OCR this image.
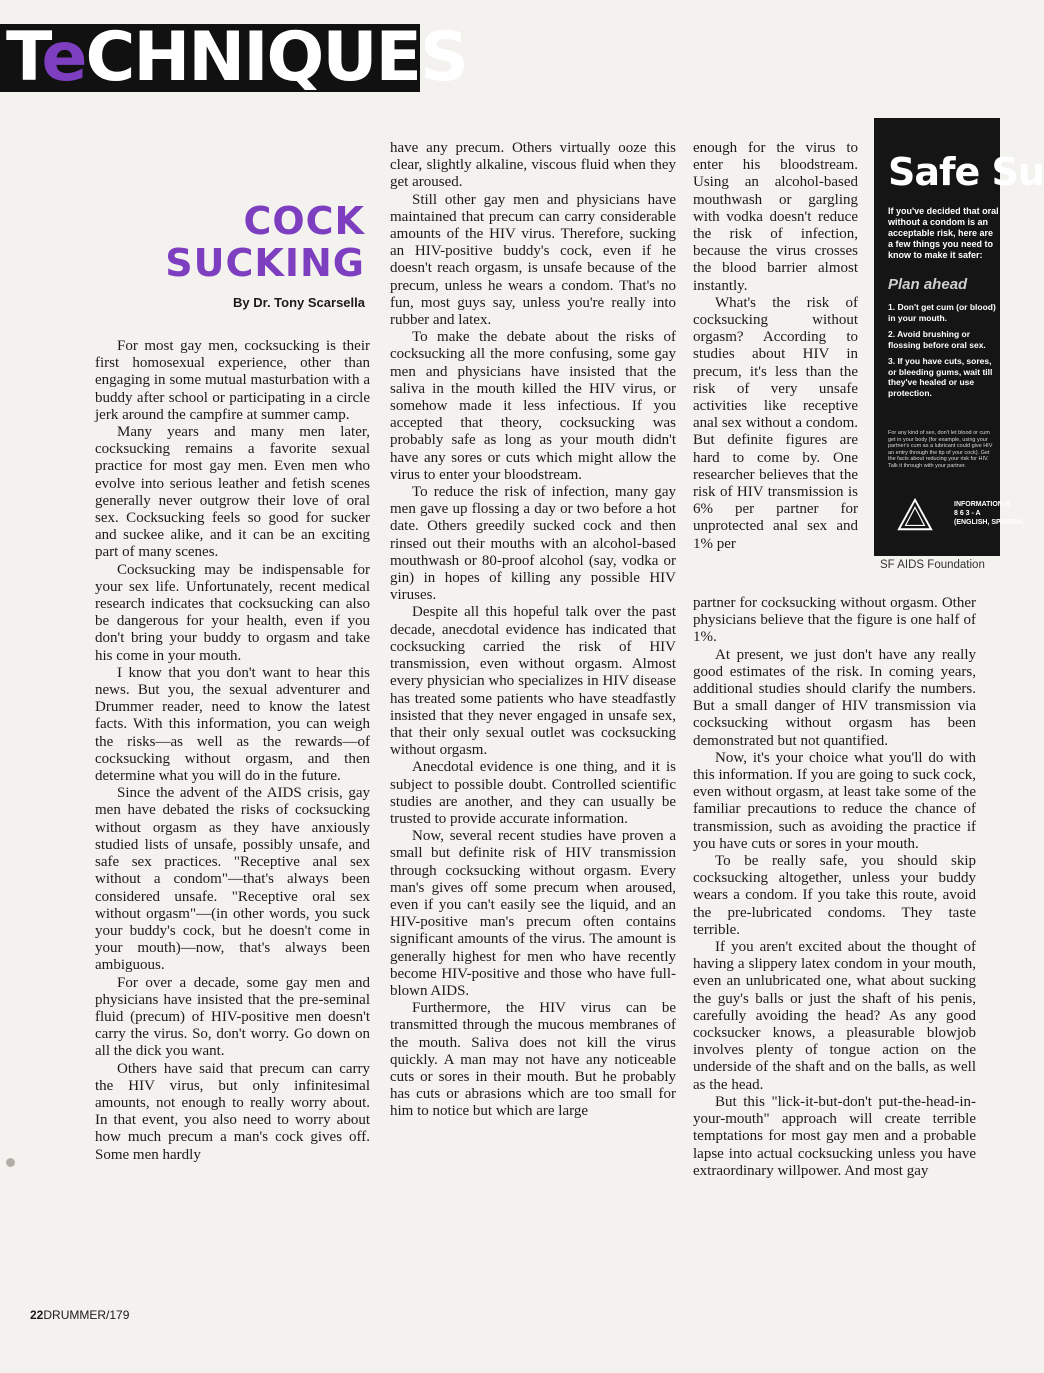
TeCHNIQUES
COCK
SUCKING
By Dr. Tony Scarsella

For most gay men, cocksucking is their first homosexual experience, other than engaging in some mutual masturbation with a buddy after school or participating in a circle jerk around the campfire at summer camp.

Many years and many men later, cocksucking remains a favorite sexual practice for most gay men. Even men who evolve into serious leather and fetish scenes generally never outgrow their love of oral sex. Cocksucking feels so good for sucker and suckee alike, and it can be an exciting part of many scenes.

Cocksucking may be indispensable for your sex life. Unfortunately, recent medical research indicates that cocksucking can also be dangerous for your health, even if you don't bring your buddy to orgasm and take his come in your mouth.

I know that you don't want to hear this news. But you, the sexual adventurer and Drummer reader, need to know the latest facts. With this information, you can weigh the risks—as well as the rewards—of cocksucking without orgasm, and then determine what you will do in the future.

Since the advent of the AIDS crisis, gay men have debated the risks of cocksucking without orgasm as they have anxiously studied lists of unsafe, possibly unsafe, and safe sex practices. "Receptive anal sex without a condom"—that's always been considered unsafe. "Receptive oral sex without orgasm"—(in other words, you suck your buddy's cock, but he doesn't come in your mouth)—now, that's always been ambiguous.

For over a decade, some gay men and physicians have insisted that the pre-seminal fluid (precum) of HIV-positive men doesn't carry the virus. So, don't worry. Go down on all the dick you want.

Others have said that precum can carry the HIV virus, but only infinitesimal amounts, not enough to really worry about. In that event, you also need to worry about how much precum a man's cock gives off. Some men hardly

have any precum. Others virtually ooze this clear, slightly alkaline, viscous fluid when they get aroused.

Still other gay men and physicians have maintained that precum can carry considerable amounts of the HIV virus. Therefore, sucking an HIV-positive buddy's cock, even if he doesn't reach orgasm, is unsafe because of the precum, unless he wears a condom. That's no fun, most guys say, unless you're really into rubber and latex.

To make the debate about the risks of cocksucking all the more confusing, some gay men and physicians have insisted that the saliva in the mouth killed the HIV virus, or somehow made it less infectious. If you accepted that theory, cocksucking was probably safe as long as your mouth didn't have any sores or cuts which might allow the virus to enter your bloodstream.

To reduce the risk of infection, many gay men gave up flossing a day or two before a hot date. Others greedily sucked cock and then rinsed out their mouths with an alcohol-based mouthwash or 80-proof alcohol (say, vodka or gin) in hopes of killing any possible HIV viruses.

Despite all this hopeful talk over the past decade, anecdotal evidence has indicated that cocksucking carried the risk of HIV transmission, even without orgasm. Almost every physician who specializes in HIV disease has treated some patients who have steadfastly insisted that they never engaged in unsafe sex, that their only sexual outlet was cocksucking without orgasm.

Anecdotal evidence is one thing, and it is subject to possible doubt. Controlled scientific studies are another, and they can usually be trusted to provide accurate information.

Now, several recent studies have proven a small but definite risk of HIV transmission through cocksucking without orgasm. Every man's gives off some precum when aroused, even if you can't easily see the liquid, and an HIV-positive man's precum often contains significant amounts of the virus. The amount is generally highest for men who have recently become HIV-positive and those who have full-blown AIDS.

Furthermore, the HIV virus can be transmitted through the mucous membranes of the mouth. Saliva does not kill the virus quickly. A man may not have any noticeable cuts or sores in their mouth. But he probably has cuts or abrasions which are too small for him to notice but which are large

enough for the virus to enter his bloodstream. Using an alcohol-based mouthwash or gargling with vodka doesn't reduce the risk of infection, because the virus crosses the blood barrier almost instantly.

What's the risk of cocksucking without orgasm? According to studies about HIV in precum, it's less than the risk of very unsafe activities like receptive anal sex without a condom. But definite figures are hard to come by. One researcher believes that the risk of HIV transmission is 6% per partner for unprotected anal sex and 1% per

partner for cocksucking without orgasm. Other physicians believe that the figure is one half of 1%.

At present, we just don't have any really good estimates of the risk. In coming years, additional studies should clarify the numbers. But a small danger of HIV transmission via cocksucking without orgasm has been demonstrated but not quantified.

Now, it's your choice what you'll do with this information. If you are going to suck cock, even without orgasm, at least take some of the familiar precautions to reduce the chance of transmission, such as avoiding the practice if you have cuts or sores in your mouth.

To be really safe, you should skip cocksucking altogether, unless your buddy wears a condom. If you take this route, avoid the pre-lubricated condoms. They taste terrible.

If you aren't excited about the thought of having a slippery latex condom in your mouth, even an unlubricated one, what about sucking the guy's balls or just the shaft of his penis, carefully avoiding the head? As any good cocksucker knows, a pleasurable blowjob involves plenty of tongue action on the underside of the shaft and on the balls, as well as the head.

But this "lick-it-but-don't put-the-head-in-your-mouth" approach will create terrible temptations for most gay men and a probable lapse into actual cocksucking unless you have extraordinary willpower. And most gay

Safe Su
If you've decided that oral without a condom is an acceptable risk, here are a few things you need to know to make it safer:
Plan ahead
1. Don't get cum (or blood) in your mouth.
2. Avoid brushing or flossing before oral sex.
3. If you have cuts, sores, or bleeding gums, wait till they've healed or use protection.
For any kind of sex, don't let blood or cum get in your body (for example, using your partner's cum as a lubricant could give HIV an entry through the tip of your cock). Get the facts about reducing your risk for HIV. Talk it through with your partner.
INFORMATION H
8 6 3 - A
(ENGLISH, SPANISH,
SF AIDS Foundation
22DRUMMER/179
